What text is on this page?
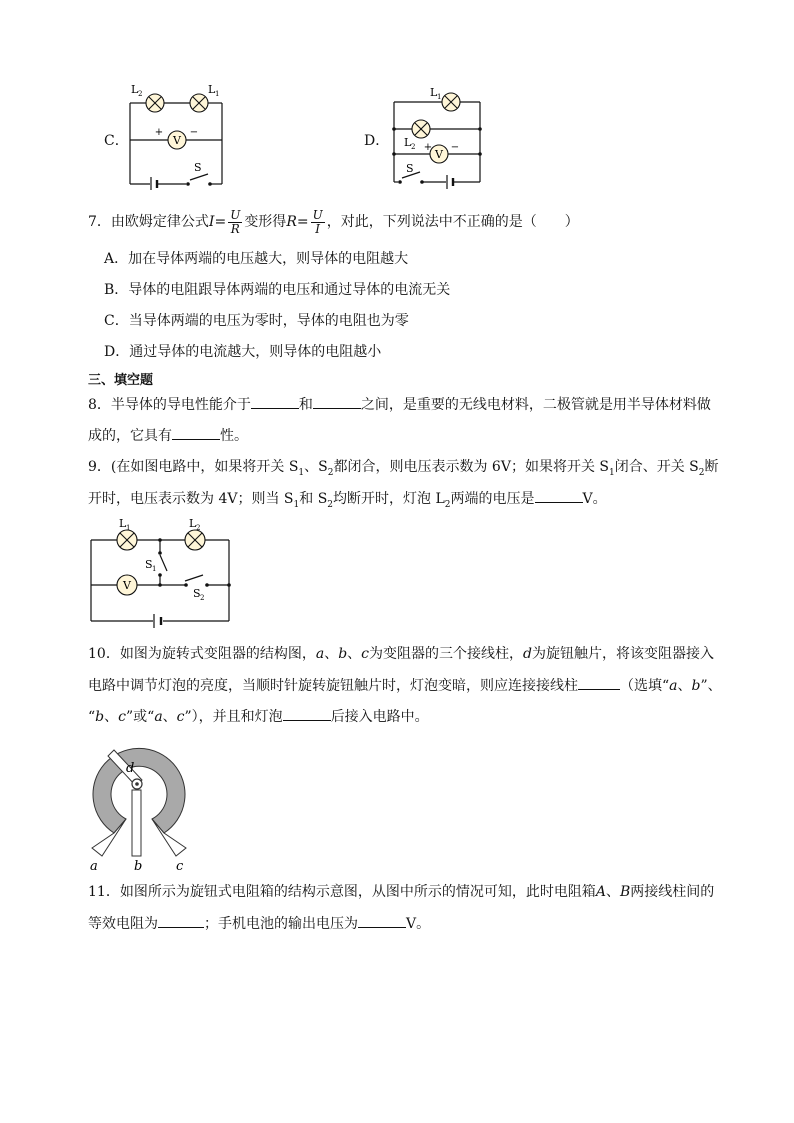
C．	V
+	−
L 2	L 1
S
D．
V
+ −
L 1
L 2
S
7．由欧姆定律公式$I= \frac{U}{R}$ 变形得$R= \frac{U}{I}$ ，对此，下列说法中不正确的是（　　）
A．加在导体两端的电压越大，则导体的电阻越大
B．导体的电阻跟导体两端的电压和通过导体的电流无关
C．当导体两端的电压为零时，导体的电阻也为零
D．通过导体的电流越大，则导体的电阻越小
三、填空题
8．半导体的导电性能介于	和	之间，是重要的无线电材料，二极管就是用半导体材料做
成的，它具有	性。
9．(在如图电路中，如果将开关 $S_1$、$S_2$都闭合，则电压表示数为 6V；如果将开关 $S_1$闭合、开关 $S_2$断
开时，电压表示数为 4V；则当 $S_1$和 $S_2$均断开时，灯泡 $L_2$两端的电压是	V。
V
L 1	L 2
S 1
S 2
10．如图为旋转式变阻器的结构图，a、b、c为变阻器的三个接线柱，d为旋钮触片，将该变阻器接入
电路中调节灯泡的亮度，当顺时针旋转旋钮触片时，灯泡变暗，则应连接接线柱	（选填“a、b”、
“b、c”或“a、c”），并且和灯泡	后接入电路中。
d
a	b	c
11．如图所示为旋钮式电阻箱的结构示意图，从图中所示的情况可知，此时电阻箱A、B两接线柱间的
等效电阻为	；手机电池的输出电压为	V。
